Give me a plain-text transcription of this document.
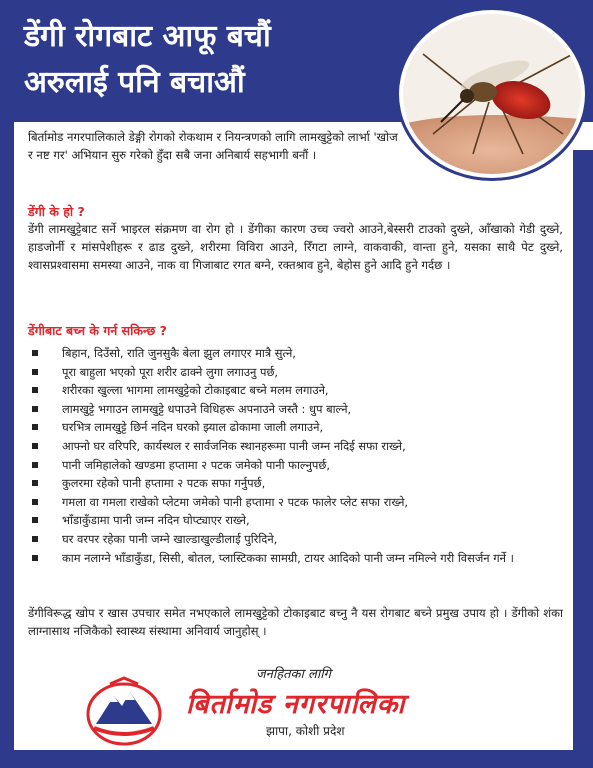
डेंगी रोगबाट आफू बचौं
अरुलाई पनि बचाऔं
बिर्तामोड नगरपालिकाले डेङ्गी रोगको रोकथाम र नियन्त्रणको लागि लामखुट्टेको लार्भा 'खोज र नष्ट गर' अभियान सुरु गरेको हुँदा सबै जना अनिबार्य सहभागी बनौं ।
डेंगी के हो ?
डेंगी लामखुट्टेबाट सर्ने भाइरल संक्रमण वा रोग हो । डेंगीका कारण उच्च ज्वरो आउने,बेस्सरी टाउको दुख्ने, आँखाको गेडी दुख्ने, हाडजोर्नी र मांसपेशीहरू र ढाड दुख्ने, शरीरमा विविरा आउने, रिँगटा लाग्ने, वाकवाकी, वान्ता हुने, यसका साथै पेट दुख्ने, श्वासप्रश्वासमा समस्या आउने, नाक वा गिजाबाट रगत बग्ने, रक्तश्राव हुने, बेहोस हुने आदि हुने गर्दछ ।
डेंगीबाट बच्न के गर्न सकिन्छ ?
बिहान, दिउँसो, राति जुनसुकै बेला झुल लगाएर मात्रै सुत्ने,
पूरा बाहुला भएको पूरा शरीर ढाक्ने लुगा लगाउनु पर्छ,
शरीरका खुल्ला भागमा लामखुट्टेको टोकाइबाट बच्ने मलम लगाउने,
लामखुट्टे भगाउन लामखुट्टे धपाउने विधिहरू अपनाउने जस्तै : धुप बाल्ने,
घरभित्र लामखुट्टे छिर्न नदिन घरको झ्याल ढोकामा जाली लगाउने,
आफ्नो घर वरिपरि, कार्यस्थल र सार्वजनिक स्थानहरूमा पानी जम्न नदिई सफा राख्ने,
पानी जमिहालेको खण्डमा हप्तामा २ पटक जमेको पानी फाल्नुपर्छ,
कुलरमा रहेको पानी हप्तामा २ पटक सफा गर्नुपर्छ,
गमला वा गमला राखेको प्लेटमा जमेको पानी हप्तामा २ पटक फालेर प्लेट सफा राख्ने,
भाँडाकुँडामा पानी जम्न नदिन घोप्ट्याएर राख्ने,
घर वरपर रहेका पानी जम्ने खाल्डाखुल्डीलाई पुरिदिने,
काम नलाग्ने भाँडाकुँडा, सिसी, बोतल, प्लास्टिकका सामग्री, टायर आदिको पानी जम्न नमिल्ने गरी विसर्जन गर्ने ।
डेंगीविरूद्ध खोप र खास उपचार समेत नभएकाले लामखुट्टेको टोकाइबाट बच्नु नै यस रोगबाट बच्ने प्रमुख उपाय हो । डेंगीको शंका लाग्नासाथ नजिकैको स्वास्थ्य संस्थामा अनिवार्य जानुहोस् ।
जनहितका लागि
बिर्तामोड नगरपालिका
झापा, कोशी प्रदेश
